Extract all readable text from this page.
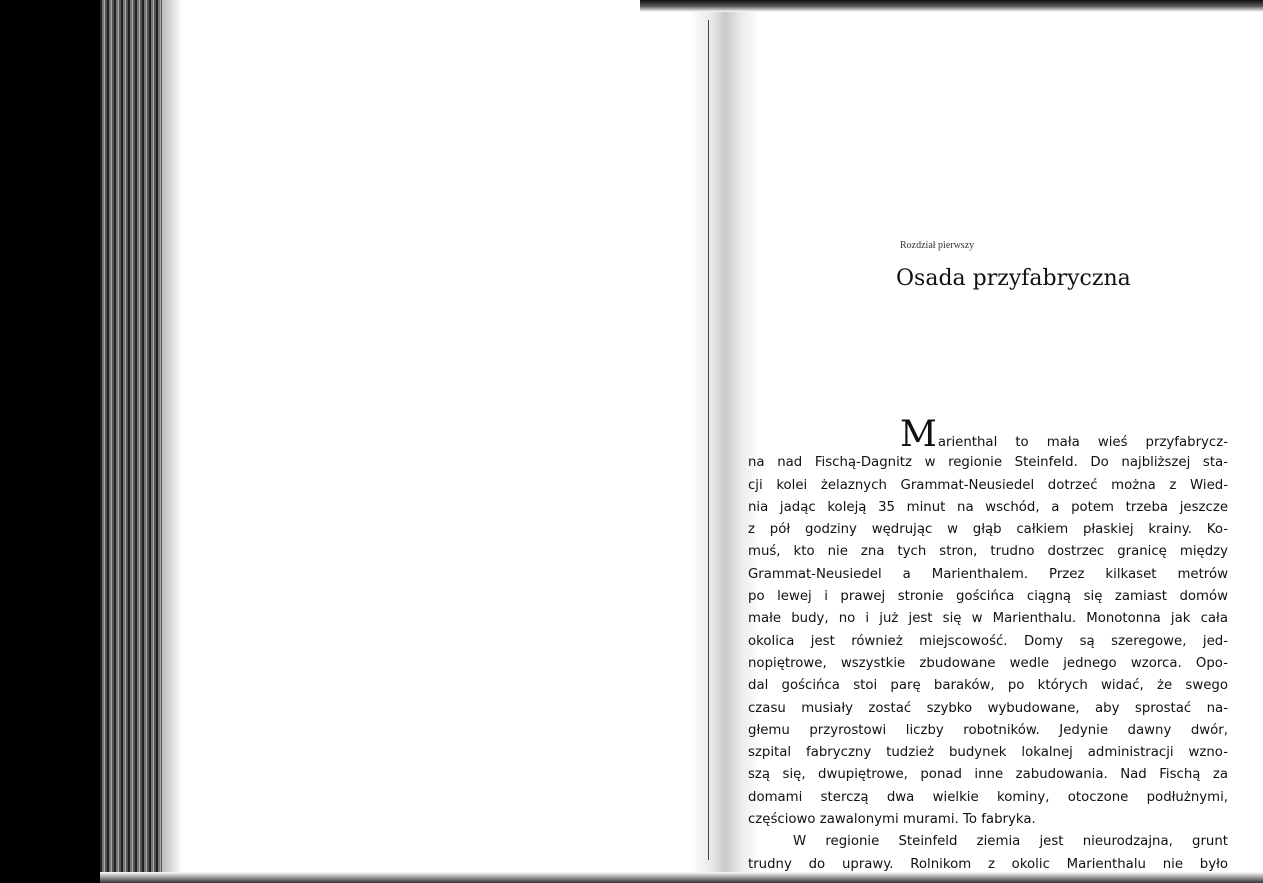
Rozdział pierwszy
Osada przyfabryczna
Marienthal to mała wieś przyfabrycz-
na nad Fischą-Dagnitz w regionie Steinfeld. Do najbliższej sta-
cji kolei żelaznych Grammat-Neusiedel dotrzeć można z Wied-
nia jadąc koleją 35 minut na wschód, a potem trzeba jeszcze
z pół godziny wędrując w głąb całkiem płaskiej krainy. Ko-
muś, kto nie zna tych stron, trudno dostrzec granicę między
Grammat-Neusiedel a Marienthalem. Przez kilkaset metrów
po lewej i prawej stronie gościńca ciągną się zamiast domów
małe budy, no i już jest się w Marienthalu. Monotonna jak cała
okolica jest również miejscowość. Domy są szeregowe, jed-
nopiętrowe, wszystkie zbudowane wedle jednego wzorca. Opo-
dal gościńca stoi parę baraków, po których widać, że swego
czasu musiały zostać szybko wybudowane, aby sprostać na-
głemu przyrostowi liczby robotników. Jedynie dawny dwór,
szpital fabryczny tudzież budynek lokalnej administracji wzno-
szą się, dwupiętrowe, ponad inne zabudowania. Nad Fischą za
domami sterczą dwa wielkie kominy, otoczone podłużnymi,
częściowo zawalonymi murami. To fabryka.
W regionie Steinfeld ziemia jest nieurodzajna, grunt
trudny do uprawy. Rolnikom z okolic Marienthalu nie było
